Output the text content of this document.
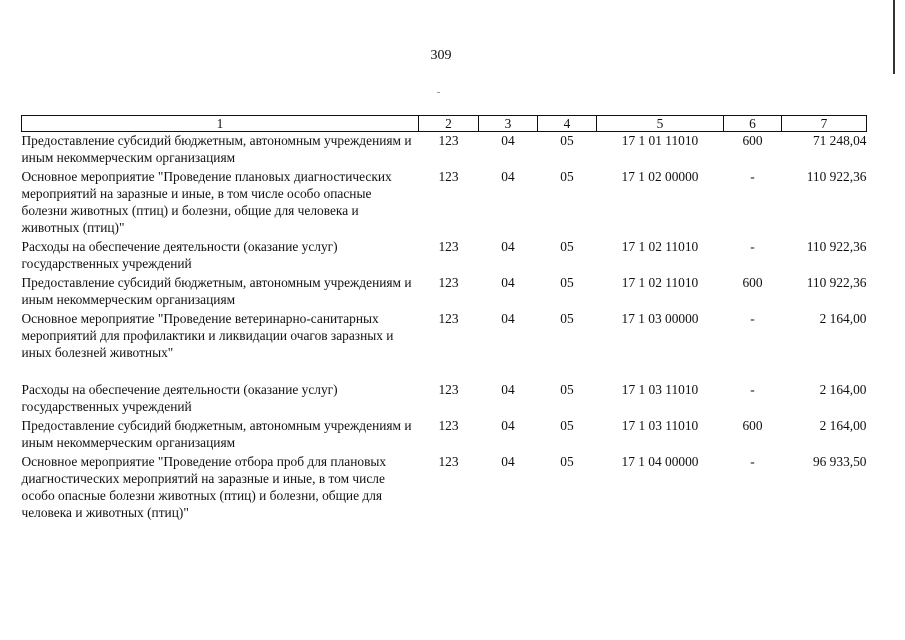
309
1	2	3	4	5	6	7
Предоставление субсидий бюджетным, автономным учреждениям и иным некоммерческим организациям	123	04	05	17 1 01 11010	600	71 248,04
Основное мероприятие "Проведение плановых диагностических мероприятий на заразные и иные, в том числе особо опасные болезни животных (птиц) и болезни, общие для человека и животных (птиц)"	123	04	05	17 1 02 00000	-	110 922,36
Расходы на обеспечение деятельности (оказание услуг) государственных учреждений	123	04	05	17 1 02 11010	-	110 922,36
Предоставление субсидий бюджетным, автономным учреждениям и иным некоммерческим организациям	123	04	05	17 1 02 11010	600	110 922,36
Основное мероприятие "Проведение ветеринарно-санитарных мероприятий для профилактики и ликвидации очагов заразных и иных болезней животных"	123	04	05	17 1 03 00000	-	2 164,00

Расходы на обеспечение деятельности (оказание услуг) государственных учреждений	123	04	05	17 1 03 11010	-	2 164,00
Предоставление субсидий бюджетным, автономным учреждениям и иным некоммерческим организациям	123	04	05	17 1 03 11010	600	2 164,00
Основное мероприятие "Проведение отбора проб для плановых диагностических мероприятий на заразные и иные, в том числе особо опасные болезни животных (птиц) и болезни, общие для человека и животных (птиц)"	123	04	05	17 1 04 00000	-	96 933,50
